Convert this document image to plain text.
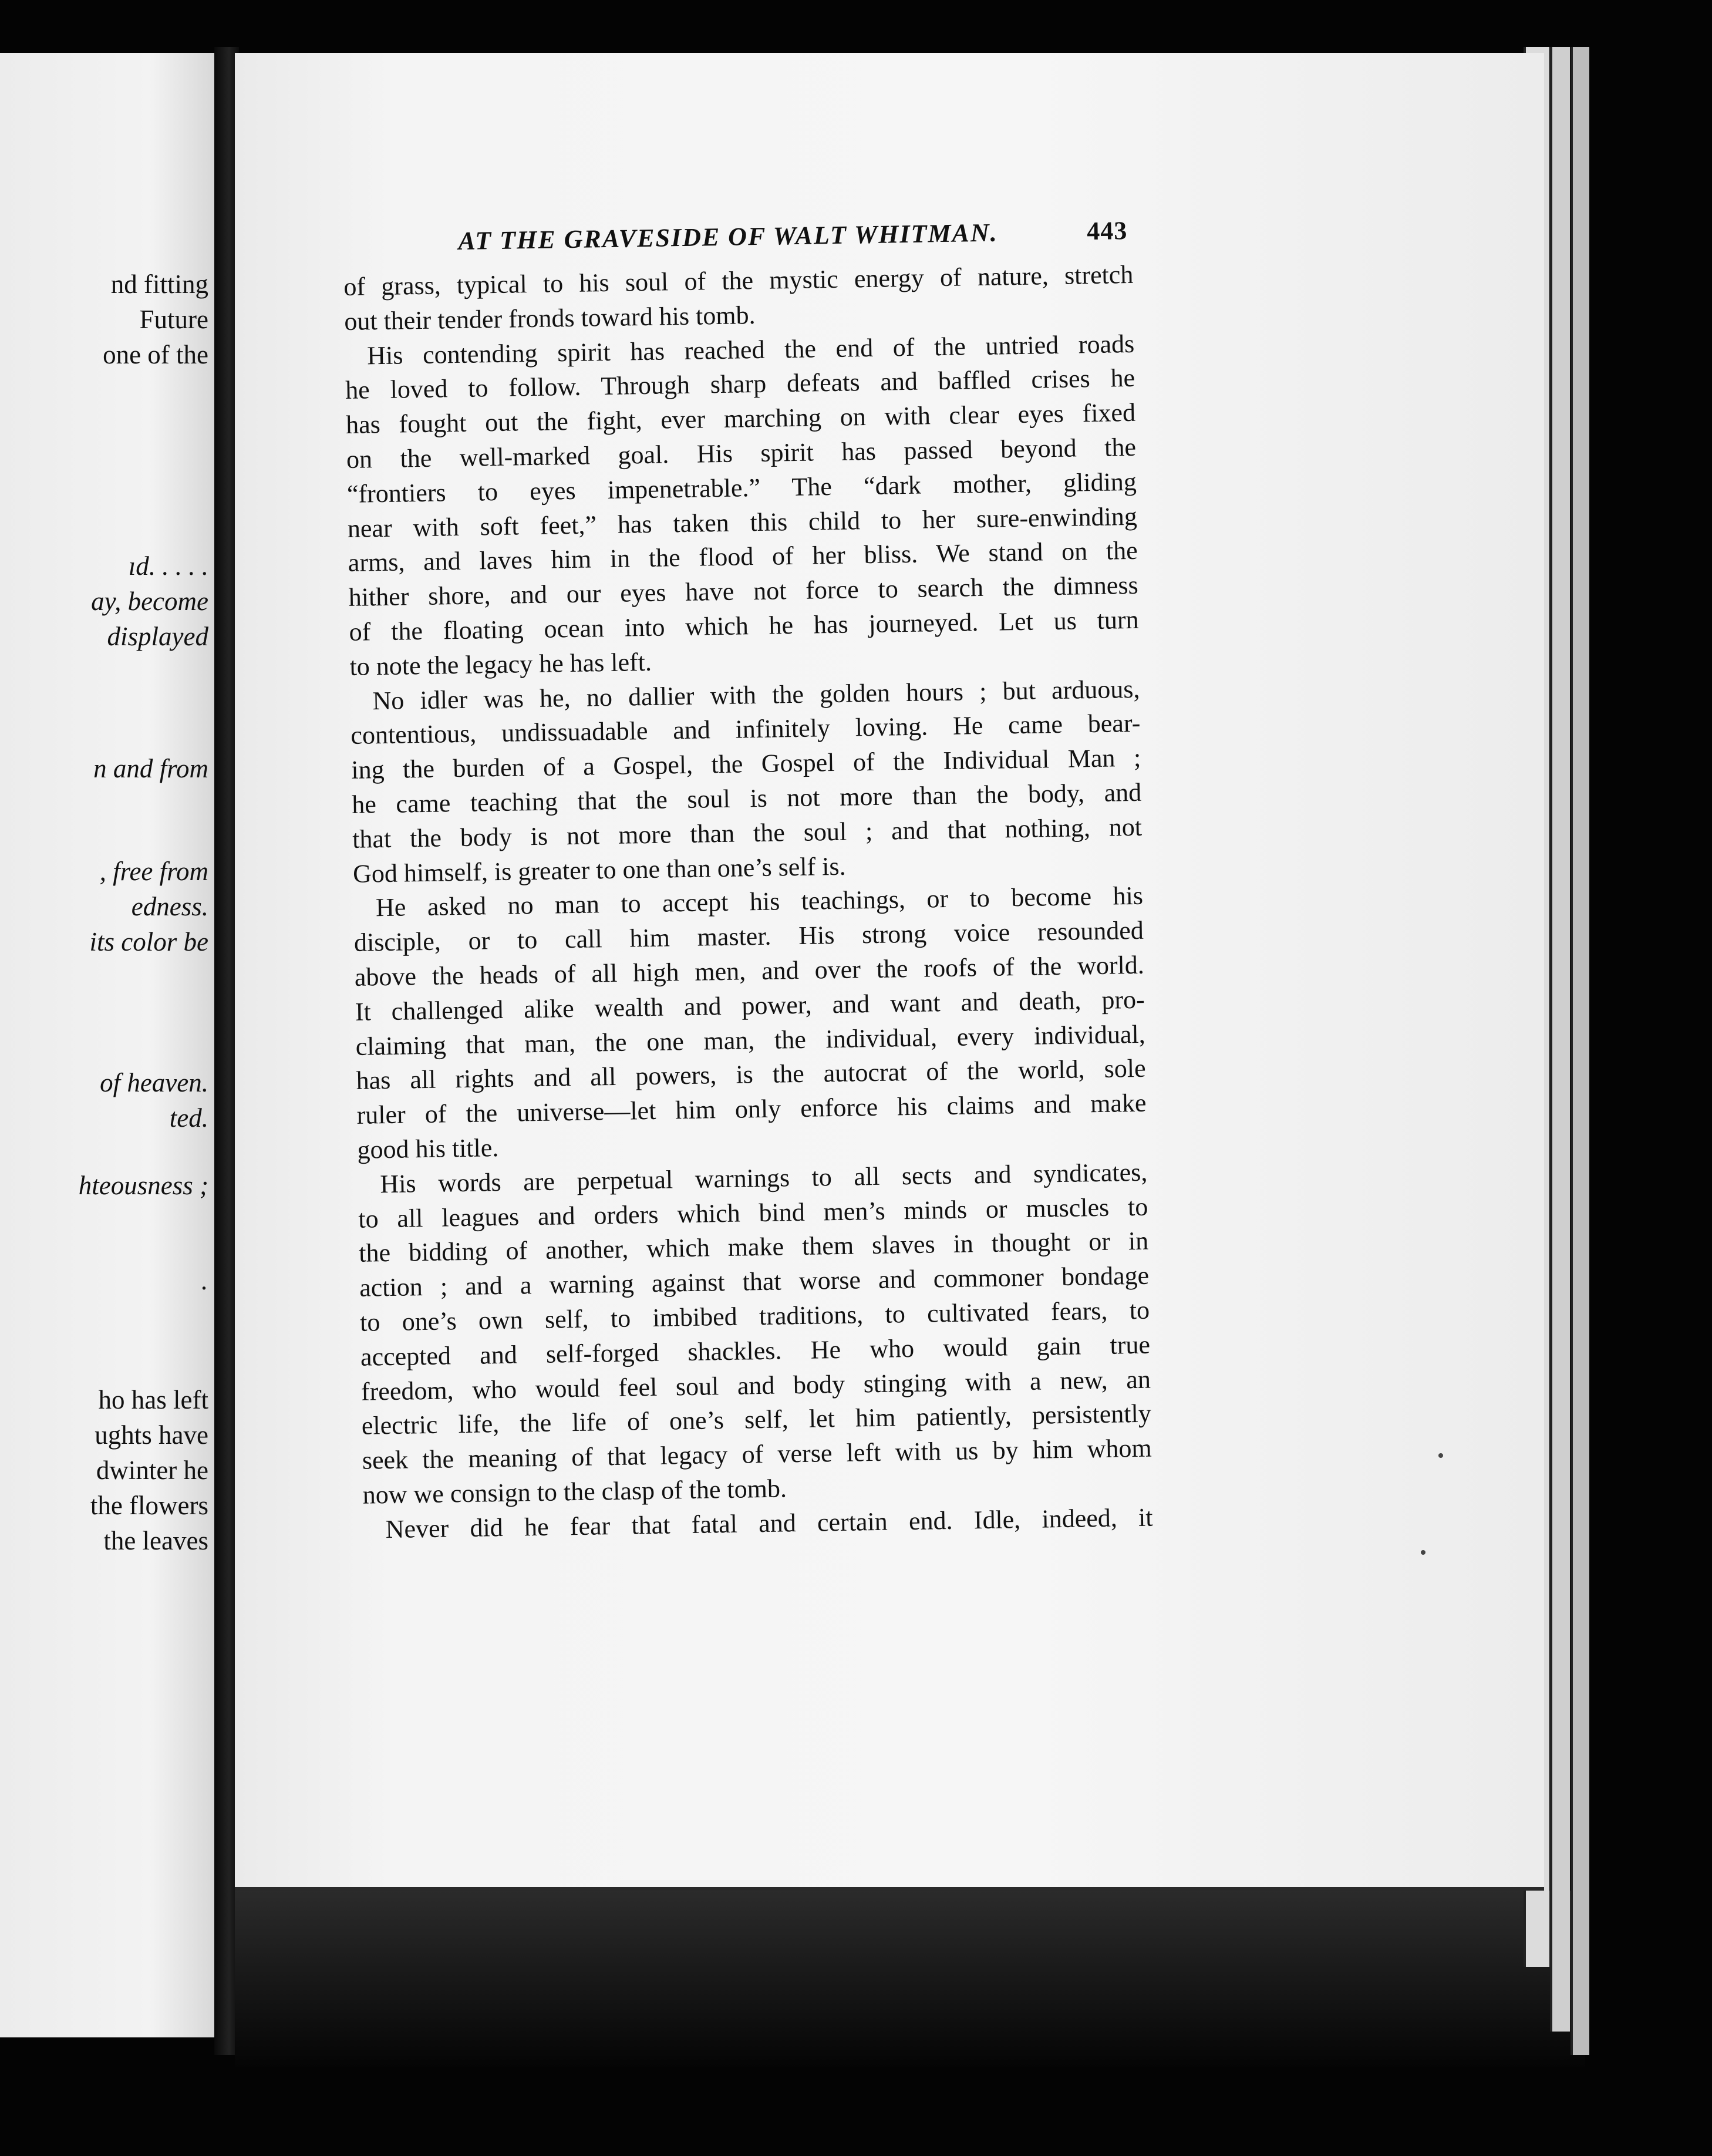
nd fitting
Future
one of the
ıd. . . . .
ay, become
displayed
n and from
, free from
edness.
its color be
of heaven.
ted.
hteousness ;
·
ho has left
ughts have
dwinter he
the flowers
the leaves
AT THE GRAVESIDE OF WALT WHITMAN.	443
of grass, typical to his soul of the mystic energy of nature, stretch
out their tender fronds toward his tomb.
His contending spirit has reached the end of the untried roads
he loved to follow. Through sharp defeats and baffled crises he
has fought out the fight, ever marching on with clear eyes fixed
on the well-marked goal. His spirit has passed beyond the
“frontiers to eyes impenetrable.” The “dark mother, gliding
near with soft feet,” has taken this child to her sure-enwinding
arms, and laves him in the flood of her bliss. We stand on the
hither shore, and our eyes have not force to search the dimness
of the floating ocean into which he has journeyed. Let us turn
to note the legacy he has left.
No idler was he, no dallier with the golden hours ; but arduous,
contentious, undissuadable and infinitely loving. He came bear-
ing the burden of a Gospel, the Gospel of the Individual Man ;
he came teaching that the soul is not more than the body, and
that the body is not more than the soul ; and that nothing, not
God himself, is greater to one than one’s self is.
He asked no man to accept his teachings, or to become his
disciple, or to call him master. His strong voice resounded
above the heads of all high men, and over the roofs of the world.
It challenged alike wealth and power, and want and death, pro-
claiming that man, the one man, the individual, every individual,
has all rights and all powers, is the autocrat of the world, sole
ruler of the universe—let him only enforce his claims and make
good his title.
His words are perpetual warnings to all sects and syndicates,
to all leagues and orders which bind men’s minds or muscles to
the bidding of another, which make them slaves in thought or in
action ; and a warning against that worse and commoner bondage
to one’s own self, to imbibed traditions, to cultivated fears, to
accepted and self-forged shackles. He who would gain true
freedom, who would feel soul and body stinging with a new, an
electric life, the life of one’s self, let him patiently, persistently
seek the meaning of that legacy of verse left with us by him whom
now we consign to the clasp of the tomb.
Never did he fear that fatal and certain end. Idle, indeed, it
